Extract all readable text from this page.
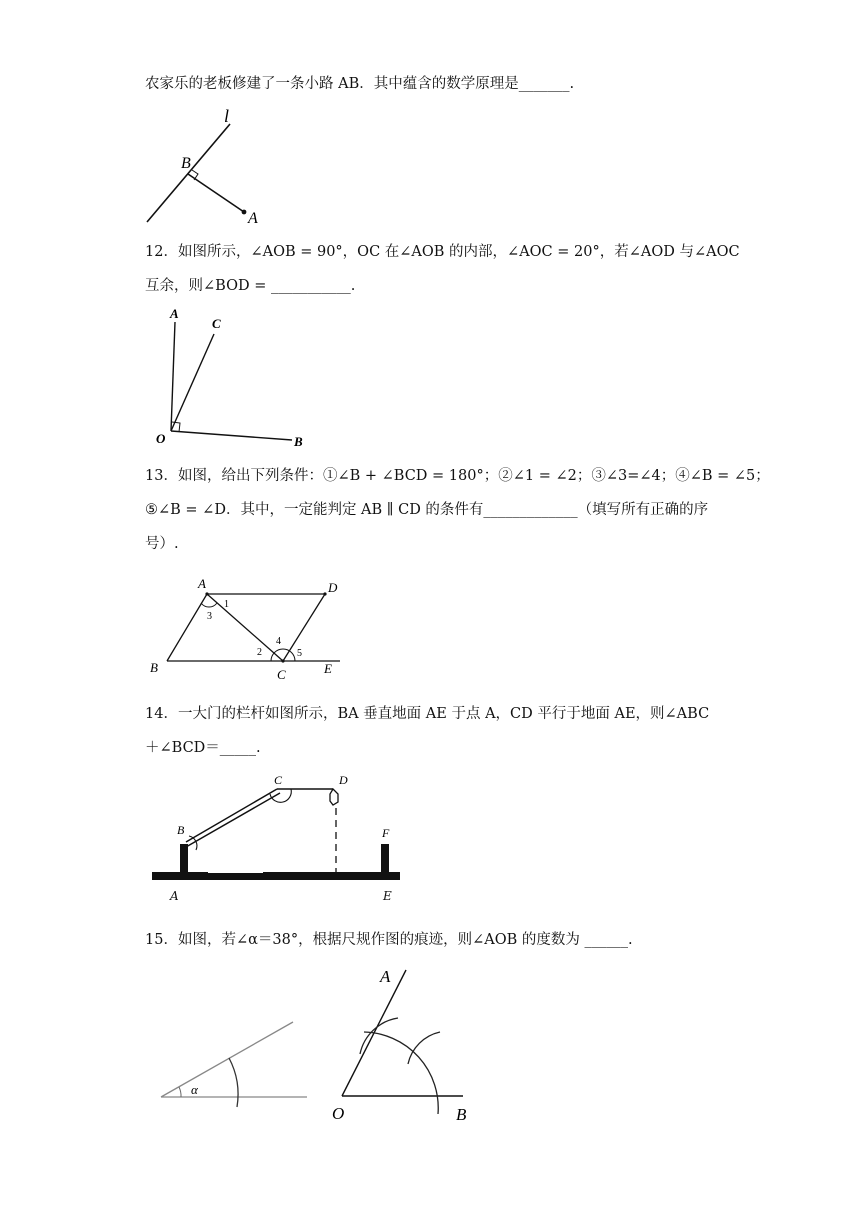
农家乐的老板修建了一条小路 AB．其中蕴含的数学原理是_______.
l
B
A
12．如图所示，∠AOB = 90°，OC 在∠AOB 的内部，∠AOC = 20°，若∠AOD 与∠AOC
互余，则∠BOD = ___________.
A
C
O	B
13．如图，给出下列条件：①∠B + ∠BCD = 180°；②∠1 = ∠2；③∠3=∠4；④∠B = ∠5；
⑤∠B = ∠D．其中，一定能判定 AB ∥ CD 的条件有_____________（填写所有正确的序
号）.
A	D
B	C	E
1
3
2
4
5
14．一大门的栏杆如图所示，BA 垂直地面 AE 于点 A，CD 平行于地面 AE，则∠ABC
＋∠BCD＝_____.
C	D
B	F
A	E
15．如图，若∠α＝38°，根据尺规作图的痕迹，则∠AOB 的度数为 ______.
α
A
O	B
